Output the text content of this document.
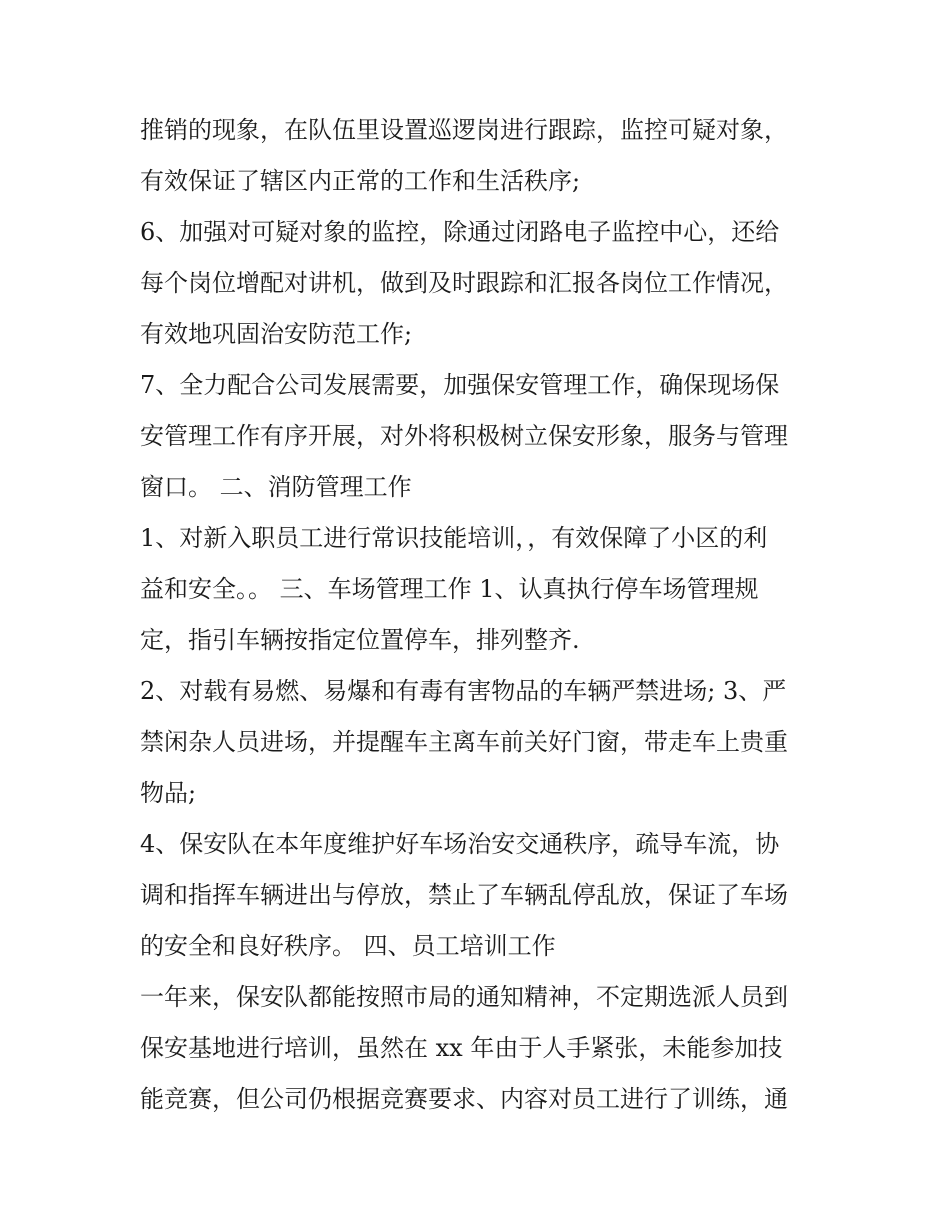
推销的现象，在队伍里设置巡逻岗进行跟踪，监控可疑对象，
有效保证了辖区内正常的工作和生活秩序;
6、加强对可疑对象的监控，除通过闭路电子监控中心，还给
每个岗位增配对讲机，做到及时跟踪和汇报各岗位工作情况，
有效地巩固治安防范工作;
7、全力配合公司发展需要，加强保安管理工作，确保现场保
安管理工作有序开展，对外将积极树立保安形象，服务与管理
窗口。 二、消防管理工作
1、对新入职员工进行常识技能培训，，有效保障了小区的利
益和安全。。 三、车场管理工作 1、认真执行停车场管理规
定，指引车辆按指定位置停车，排列整齐.
2、对载有易燃、易爆和有毒有害物品的车辆严禁进场; 3、严
禁闲杂人员进场，并提醒车主离车前关好门窗，带走车上贵重
物品;
4、保安队在本年度维护好车场治安交通秩序，疏导车流，协
调和指挥车辆进出与停放，禁止了车辆乱停乱放，保证了车场
的安全和良好秩序。 四、员工培训工作
一年来，保安队都能按照市局的通知精神，不定期选派人员到
保安基地进行培训，虽然在 xx 年由于人手紧张，未能参加技
能竞赛，但公司仍根据竞赛要求、内容对员工进行了训练，通
